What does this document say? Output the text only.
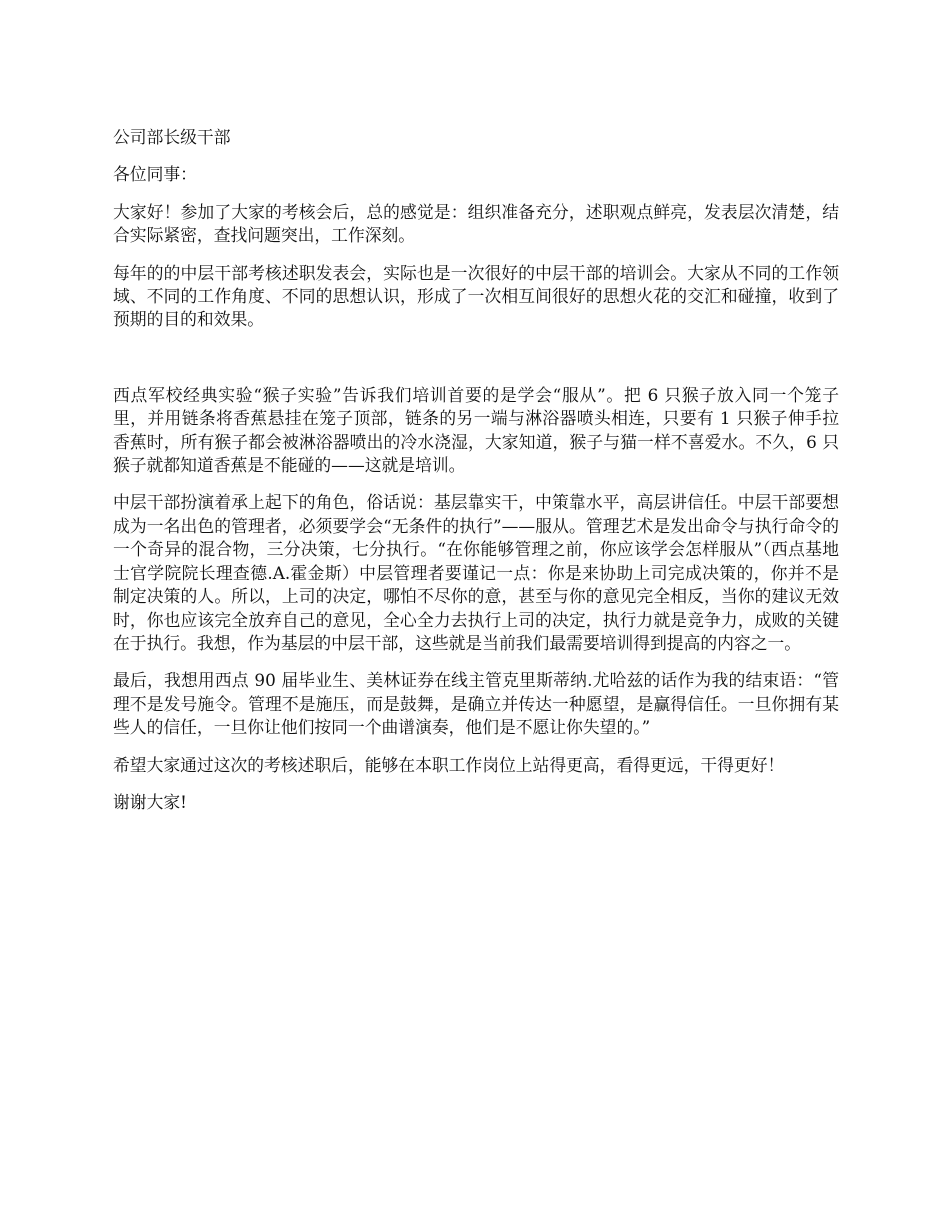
公司部长级干部

各位同事：

大家好！参加了大家的考核会后，总的感觉是：组织准备充分，述职观点鲜亮，发表层次清楚，结合实际紧密，查找问题突出，工作深刻。

每年的的中层干部考核述职发表会，实际也是一次很好的中层干部的培训会。大家从不同的工作领域、不同的工作角度、不同的思想认识，形成了一次相互间很好的思想火花的交汇和碰撞，收到了预期的目的和效果。

西点军校经典实验“猴子实验”告诉我们培训首要的是学会“服从”。把 6 只猴子放入同一个笼子里，并用链条将香蕉悬挂在笼子顶部，链条的另一端与淋浴器喷头相连，只要有 1 只猴子伸手拉香蕉时，所有猴子都会被淋浴器喷出的冷水浇湿，大家知道，猴子与猫一样不喜爱水。不久，6 只猴子就都知道香蕉是不能碰的——这就是培训。

中层干部扮演着承上起下的角色，俗话说：基层靠实干，中策靠水平，高层讲信任。中层干部要想成为一名出色的管理者，必须要学会“无条件的执行”——服从。管理艺术是发出命令与执行命令的一个奇异的混合物，三分决策，七分执行。“在你能够管理之前，你应该学会怎样服从”（西点基地士官学院院长理查德.A.霍金斯）中层管理者要谨记一点：你是来协助上司完成决策的，你并不是制定决策的人。所以，上司的决定，哪怕不尽你的意，甚至与你的意见完全相反，当你的建议无效时，你也应该完全放弃自己的意见，全心全力去执行上司的决定，执行力就是竞争力，成败的关键在于执行。我想，作为基层的中层干部，这些就是当前我们最需要培训得到提高的内容之一。

最后，我想用西点 90 届毕业生、美林证券在线主管克里斯蒂纳.尤哈兹的话作为我的结束语：“管理不是发号施令。管理不是施压，而是鼓舞，是确立并传达一种愿望，是赢得信任。一旦你拥有某些人的信任，一旦你让他们按同一个曲谱演奏，他们是不愿让你失望的。”

希望大家通过这次的考核述职后，能够在本职工作岗位上站得更高，看得更远，干得更好！

谢谢大家!
